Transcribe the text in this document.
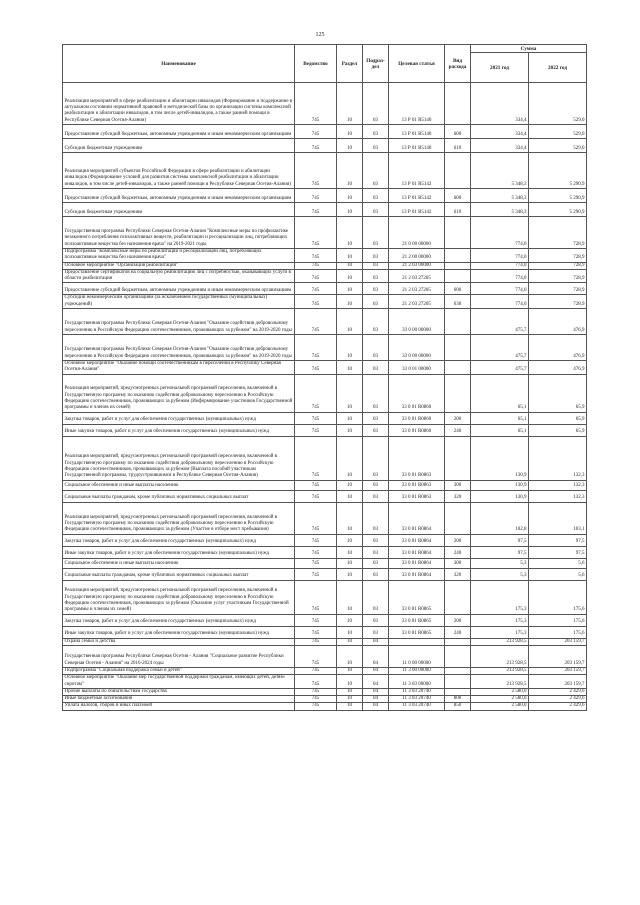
125
Наименование	Ведомство	Раздел	Подраз-дел	Целевая статья	Вид расхода	Сумма	
						2021 год	2022 год
Реализация мероприятий в сфере реабилитации и абилитации инвалидов (Формирование и поддержание в актуальном состоянии нормативной правовой и методической базы по организации системы комплексной реабилитации и абилитации инвалидов, в том числе детей-инвалидов, а также ранней помощи в Республике Северная Осетия-Алания)	745	10	03	13 Р 01 R5140		334,4	529,0
Предоставление субсидий бюджетным, автономным учреждениям и иным некоммерческим организациям	745	10	03	13 Р 01 R5140	600	334,4	529,0
Субсидии бюджетным учреждениям	745	10	03	13 Р 01 R5140	610	334,4	529,0
Реализация мероприятий субъектов Российской Федерации в сфере реабилитации и абилитации инвалидов (Формирование условий для развития системы комплексной реабилитации и абилитации инвалидов, в том числе детей-инвалидов, а также ранней помощи в Республике Северная Осетия-Алания)	745	10	03	13 Р 01 R5142		5 348,3	5 290,9
Предоставление субсидий бюджетным, автономным учреждениям и иным некоммерческим организациям	745	10	03	13 Р 01 R5142	600	5 348,3	5 290,9
Субсидии бюджетным учреждениям	745	10	03	13 Р 01 R5142	610	5 348,3	5 290,9
Государственная программа Республики Северная Осетия-Алания "Комплексные меры по профилактике незаконного потребления психоактивных веществ, реабилитации и ресоциализации лиц, потребляющих психоактивные вещества без назначения врача" на 2019-2021 годы	745	10	03	21 0 00 00000		774,0	728,9
Подпрограмма "Комплексные меры по реабилитации и ресоциализации лиц, потребляющих психоактивные вещества без назначения врача"	745	10	03	21 2 00 00000		774,0	728,9
Основное мероприятие "Организация реабилитации"	745	10	03	21 2 03 00000		774,0	728,9
Предоставление сертификатов на социальную реабилитацию лиц с потребностью, оказывающих услуги в области реабилитации	745	10	03	21 2 03 27205		774,0	728,9
Предоставление субсидий бюджетным, автономным учреждениям и иным некоммерческим организациям	745	10	03	21 2 03 27205	600	774,0	728,9
Субсидии некоммерческим организациям (за исключением государственных (муниципальных) учреждений)	745	10	03	21 2 03 27205	630	774,0	728,9
Государственная программа Республики Северная Осетия-Алания "Оказание содействия добровольному переселению в Российскую Федерацию соотечественников, проживающих за рубежом" на 2019-2020 годы	745	10	03	33 0 00 00000		475,7	476,9
Государственная программа Республики Северная Осетия-Алания "Оказание содействия добровольному переселению в Российскую Федерацию соотечественников, проживающих за рубежом" на 2019-2020 годы	745	10	03	33 0 00 00000		475,7	476,9
Основное мероприятие "Оказание помощи соотечественникам в переселении в Республику Северная Осетия-Алания"	745	10	03	33 0 01 00000		475,7	476,9
Реализация мероприятий, предусмотренных региональной программой переселения, включенной в Государственную программу по оказанию содействия добровольному переселению в Российскую Федерацию соотечественников, проживающих за рубежом (Информирование участников Государственной программы и членов их семей)	745	10	03	33 0 01 R0860		65,1	65,9
Закупка товаров, работ и услуг для обеспечения государственных (муниципальных) нужд	745	10	03	33 0 01 R0860	200	65,1	65,9
Иные закупки товаров, работ и услуг для обеспечения государственных (муниципальных) нужд	745	10	03	33 0 01 R0860	240	65,1	65,9
Реализация мероприятий, предусмотренных региональной программой переселения, включенной в Государственную программу по оказанию содействия добровольному переселению в Российскую Федерацию соотечественников, проживающих за рубежом (Выплата пособий участникам Государственной программы, трудоустроившимся в Республике Северная Осетия-Алания)	745	10	03	33 0 01 R0863		130,9	132,3
Социальное обеспечение и иные выплаты населению	745	10	03	33 0 01 R0863	300	130,9	132,3
Социальные выплаты гражданам, кроме публичных нормативных социальных выплат	745	10	03	33 0 01 R0863	320	130,9	132,3
Реализация мероприятий, предусмотренных региональной программой переселения, включенной в Государственную программу по оказанию содействия добровольному переселению в Российскую Федерацию соотечественников, проживающих за рубежом (Участие в отборе мест пребывания)	745	10	03	33 0 01 R0864		102,8	103,1
Закупка товаров, работ и услуг для обеспечения государственных (муниципальных) нужд	745	10	03	33 0 01 R0864	200	97,5	97,5
Иные закупки товаров, работ и услуг для обеспечения государственных (муниципальных) нужд	745	10	03	33 0 01 R0864	240	97,5	97,5
Социальное обеспечение и иные выплаты населению	745	10	03	33 0 01 R0864	300	5,3	5,6
Социальные выплаты гражданам, кроме публичных нормативных социальных выплат	745	10	03	33 0 01 R0864	320	5,3	5,6
Реализация мероприятий, предусмотренных региональной программой переселения, включенной в Государственную программу по оказанию содействия добровольному переселению в Российскую Федерацию соотечественников, проживающих за рубежом (Оказание услуг участникам Государственной программы и членам их семей)	745	10	03	33 0 01 R0865		175,3	175,6
Закупка товаров, работ и услуг для обеспечения государственных (муниципальных) нужд	745	10	03	33 0 01 R0865	200	175,3	175,6
Иные закупки товаров, работ и услуг для обеспечения государственных (муниципальных) нужд	745	10	03	33 0 01 R0865	240	175,3	175,6
Охрана семьи и детства	745	10	04			213 928,5	203 159,7
Государственная программа Республики Северная Осетия - Алания "Социальное развитие Республики Северная Осетия - Алания" на 2016-2024 годы	745	10	04	11 0 00 00000		213 928,5	203 159,7
Подпрограмма "Социальная поддержка семьи и детей"	745	10	04	11 3 00 00000		213 928,5	203 159,7
Основное мероприятие "Оказание мер государственной поддержки гражданам, имеющих детей, детям-сиротам"	745	10	04	11 3 03 00000		213 928,5	203 159,7
Прочие выплаты по обязательствам государства	745	10	04	11 3 03 20740		2 580,0	2 429,6
Иные бюджетные ассигнования	745	10	04	11 3 03 20740	800	2 580,0	2 429,6
Уплата налогов, сборов и иных платежей	745	10	04	11 3 03 20740	850	2 580,0	2 429,6
